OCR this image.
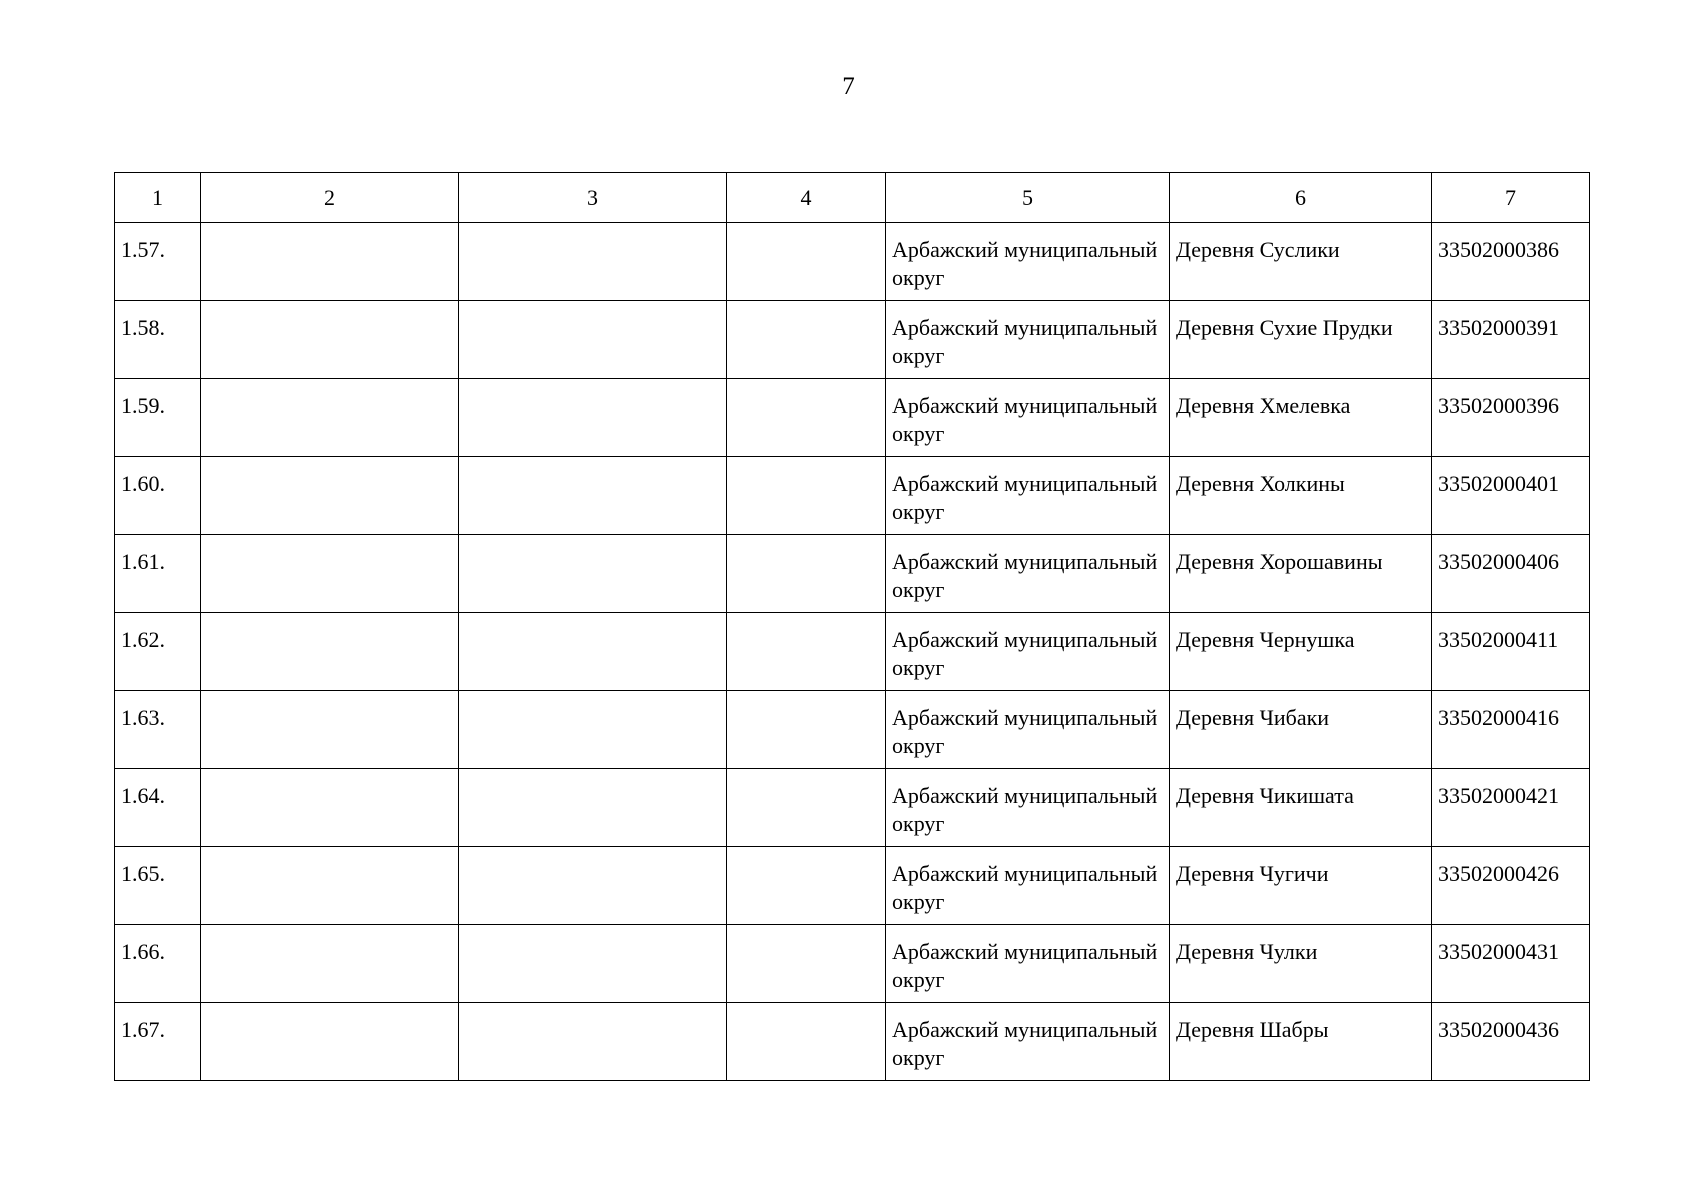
7
1	2	3	4	5	6	7
1.57.				Арбажский муниципальный округ	Деревня Суслики	33502000386
1.58.				Арбажский муниципальный округ	Деревня Сухие Прудки	33502000391
1.59.				Арбажский муниципальный округ	Деревня Хмелевка	33502000396
1.60.				Арбажский муниципальный округ	Деревня Холкины	33502000401
1.61.				Арбажский муниципальный округ	Деревня Хорошавины	33502000406
1.62.				Арбажский муниципальный округ	Деревня Чернушка	33502000411
1.63.				Арбажский муниципальный округ	Деревня Чибаки	33502000416
1.64.				Арбажский муниципальный округ	Деревня Чикишата	33502000421
1.65.				Арбажский муниципальный округ	Деревня Чугичи	33502000426
1.66.				Арбажский муниципальный округ	Деревня Чулки	33502000431
1.67.				Арбажский муниципальный округ	Деревня Шабры	33502000436
